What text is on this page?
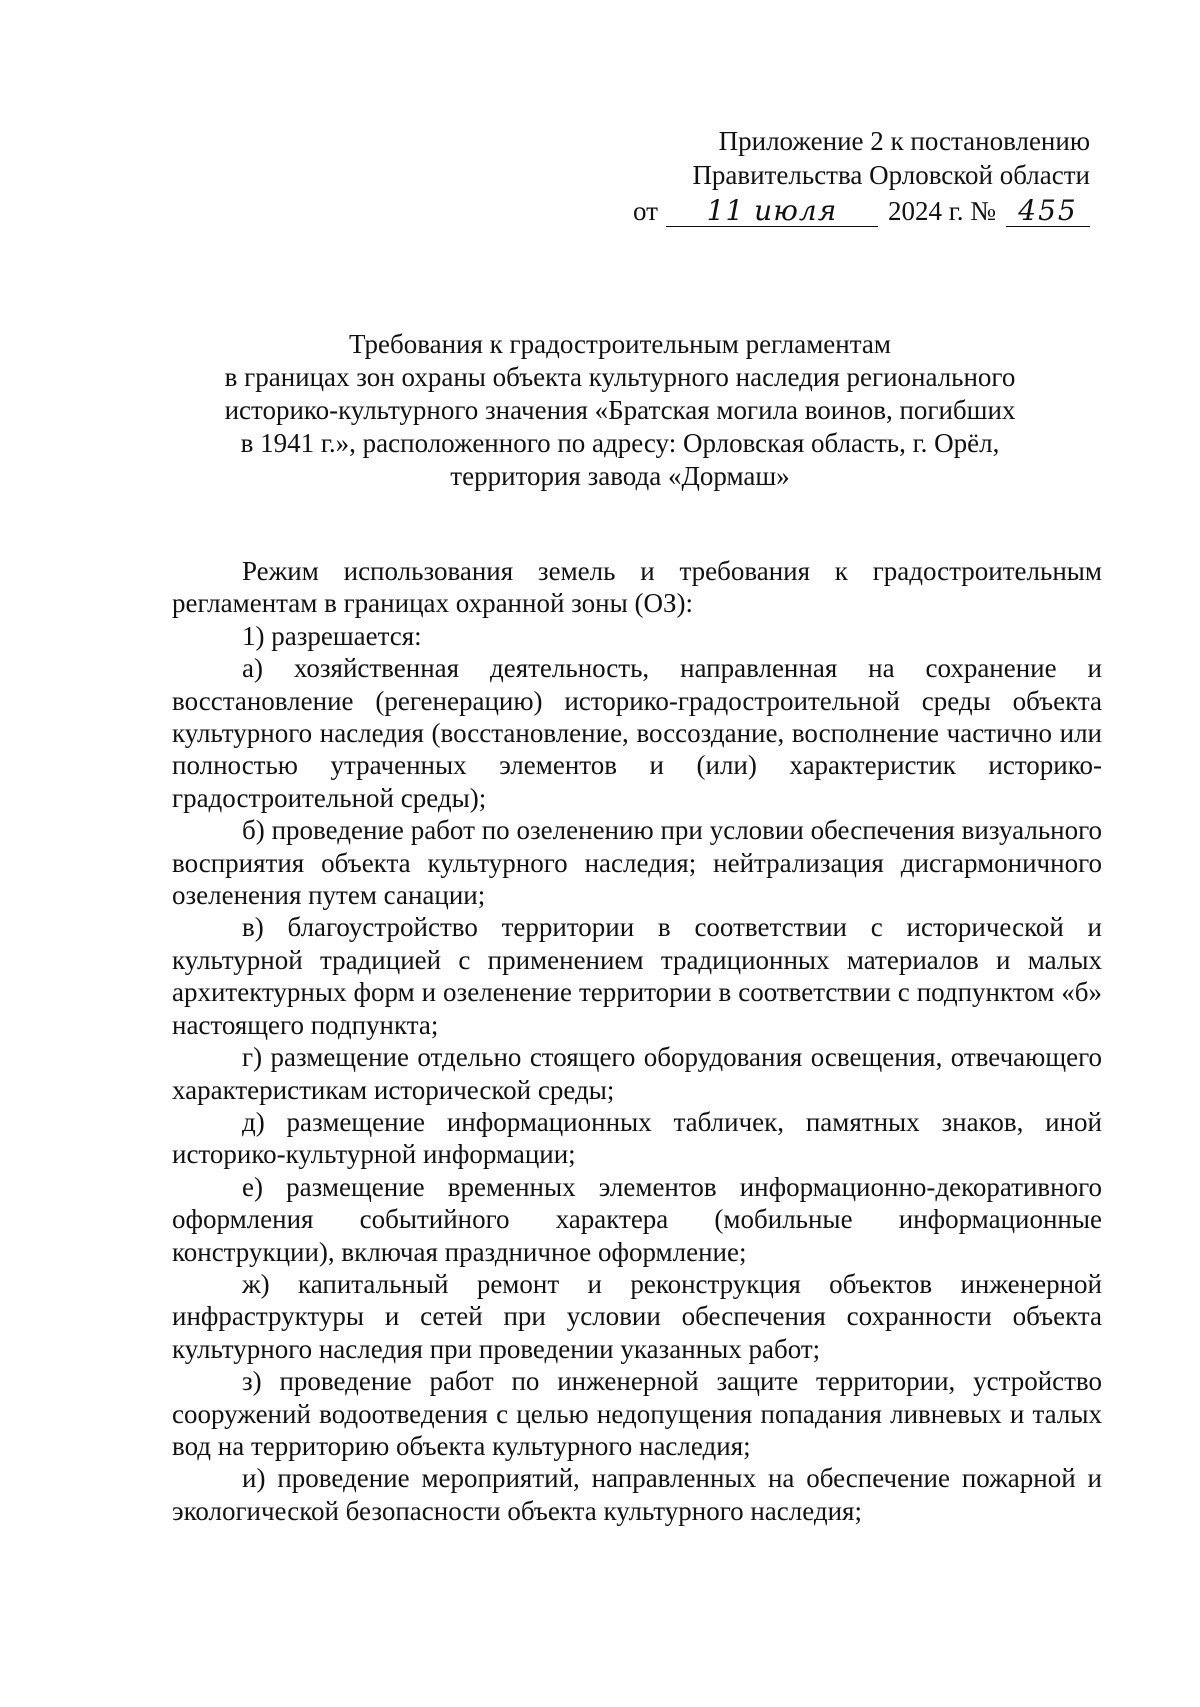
Приложение 2 к постановлению
Правительства Орловской области
от 11 июля 2024 г. № 455
Требования к градостроительным регламентам
в границах зон охраны объекта культурного наследия регионального
историко-культурного значения «Братская могила воинов, погибших
в 1941 г.», расположенного по адресу: Орловская область, г. Орёл,
территория завода «Дормаш»

Режим использования земель и требования к градостроительным регламентам в границах охранной зоны (ОЗ):

1) разрешается:

а) хозяйственная деятельность, направленная на сохранение и восстановление (регенерацию) историко-градостроительной среды объекта культурного наследия (восстановление, воссоздание, восполнение частично или полностью утраченных элементов и (или) характеристик историко-градостроительной среды);

б) проведение работ по озеленению при условии обеспечения визуального восприятия объекта культурного наследия; нейтрализация дисгармоничного озеленения путем санации;

в) благоустройство территории в соответствии с исторической и культурной традицией с применением традиционных материалов и малых архитектурных форм и озеленение территории в соответствии с подпунктом «б» настоящего подпункта;

г) размещение отдельно стоящего оборудования освещения, отвечающего характеристикам исторической среды;

д) размещение информационных табличек, памятных знаков, иной историко-культурной информации;

е) размещение временных элементов информационно-декоративного оформления событийного характера (мобильные информационные конструкции), включая праздничное оформление;

ж) капитальный ремонт и реконструкция объектов инженерной инфраструктуры и сетей при условии обеспечения сохранности объекта культурного наследия при проведении указанных работ;

з) проведение работ по инженерной защите территории, устройство сооружений водоотведения с целью недопущения попадания ливневых и талых вод на территорию объекта культурного наследия;

и) проведение мероприятий, направленных на обеспечение пожарной и экологической безопасности объекта культурного наследия;
